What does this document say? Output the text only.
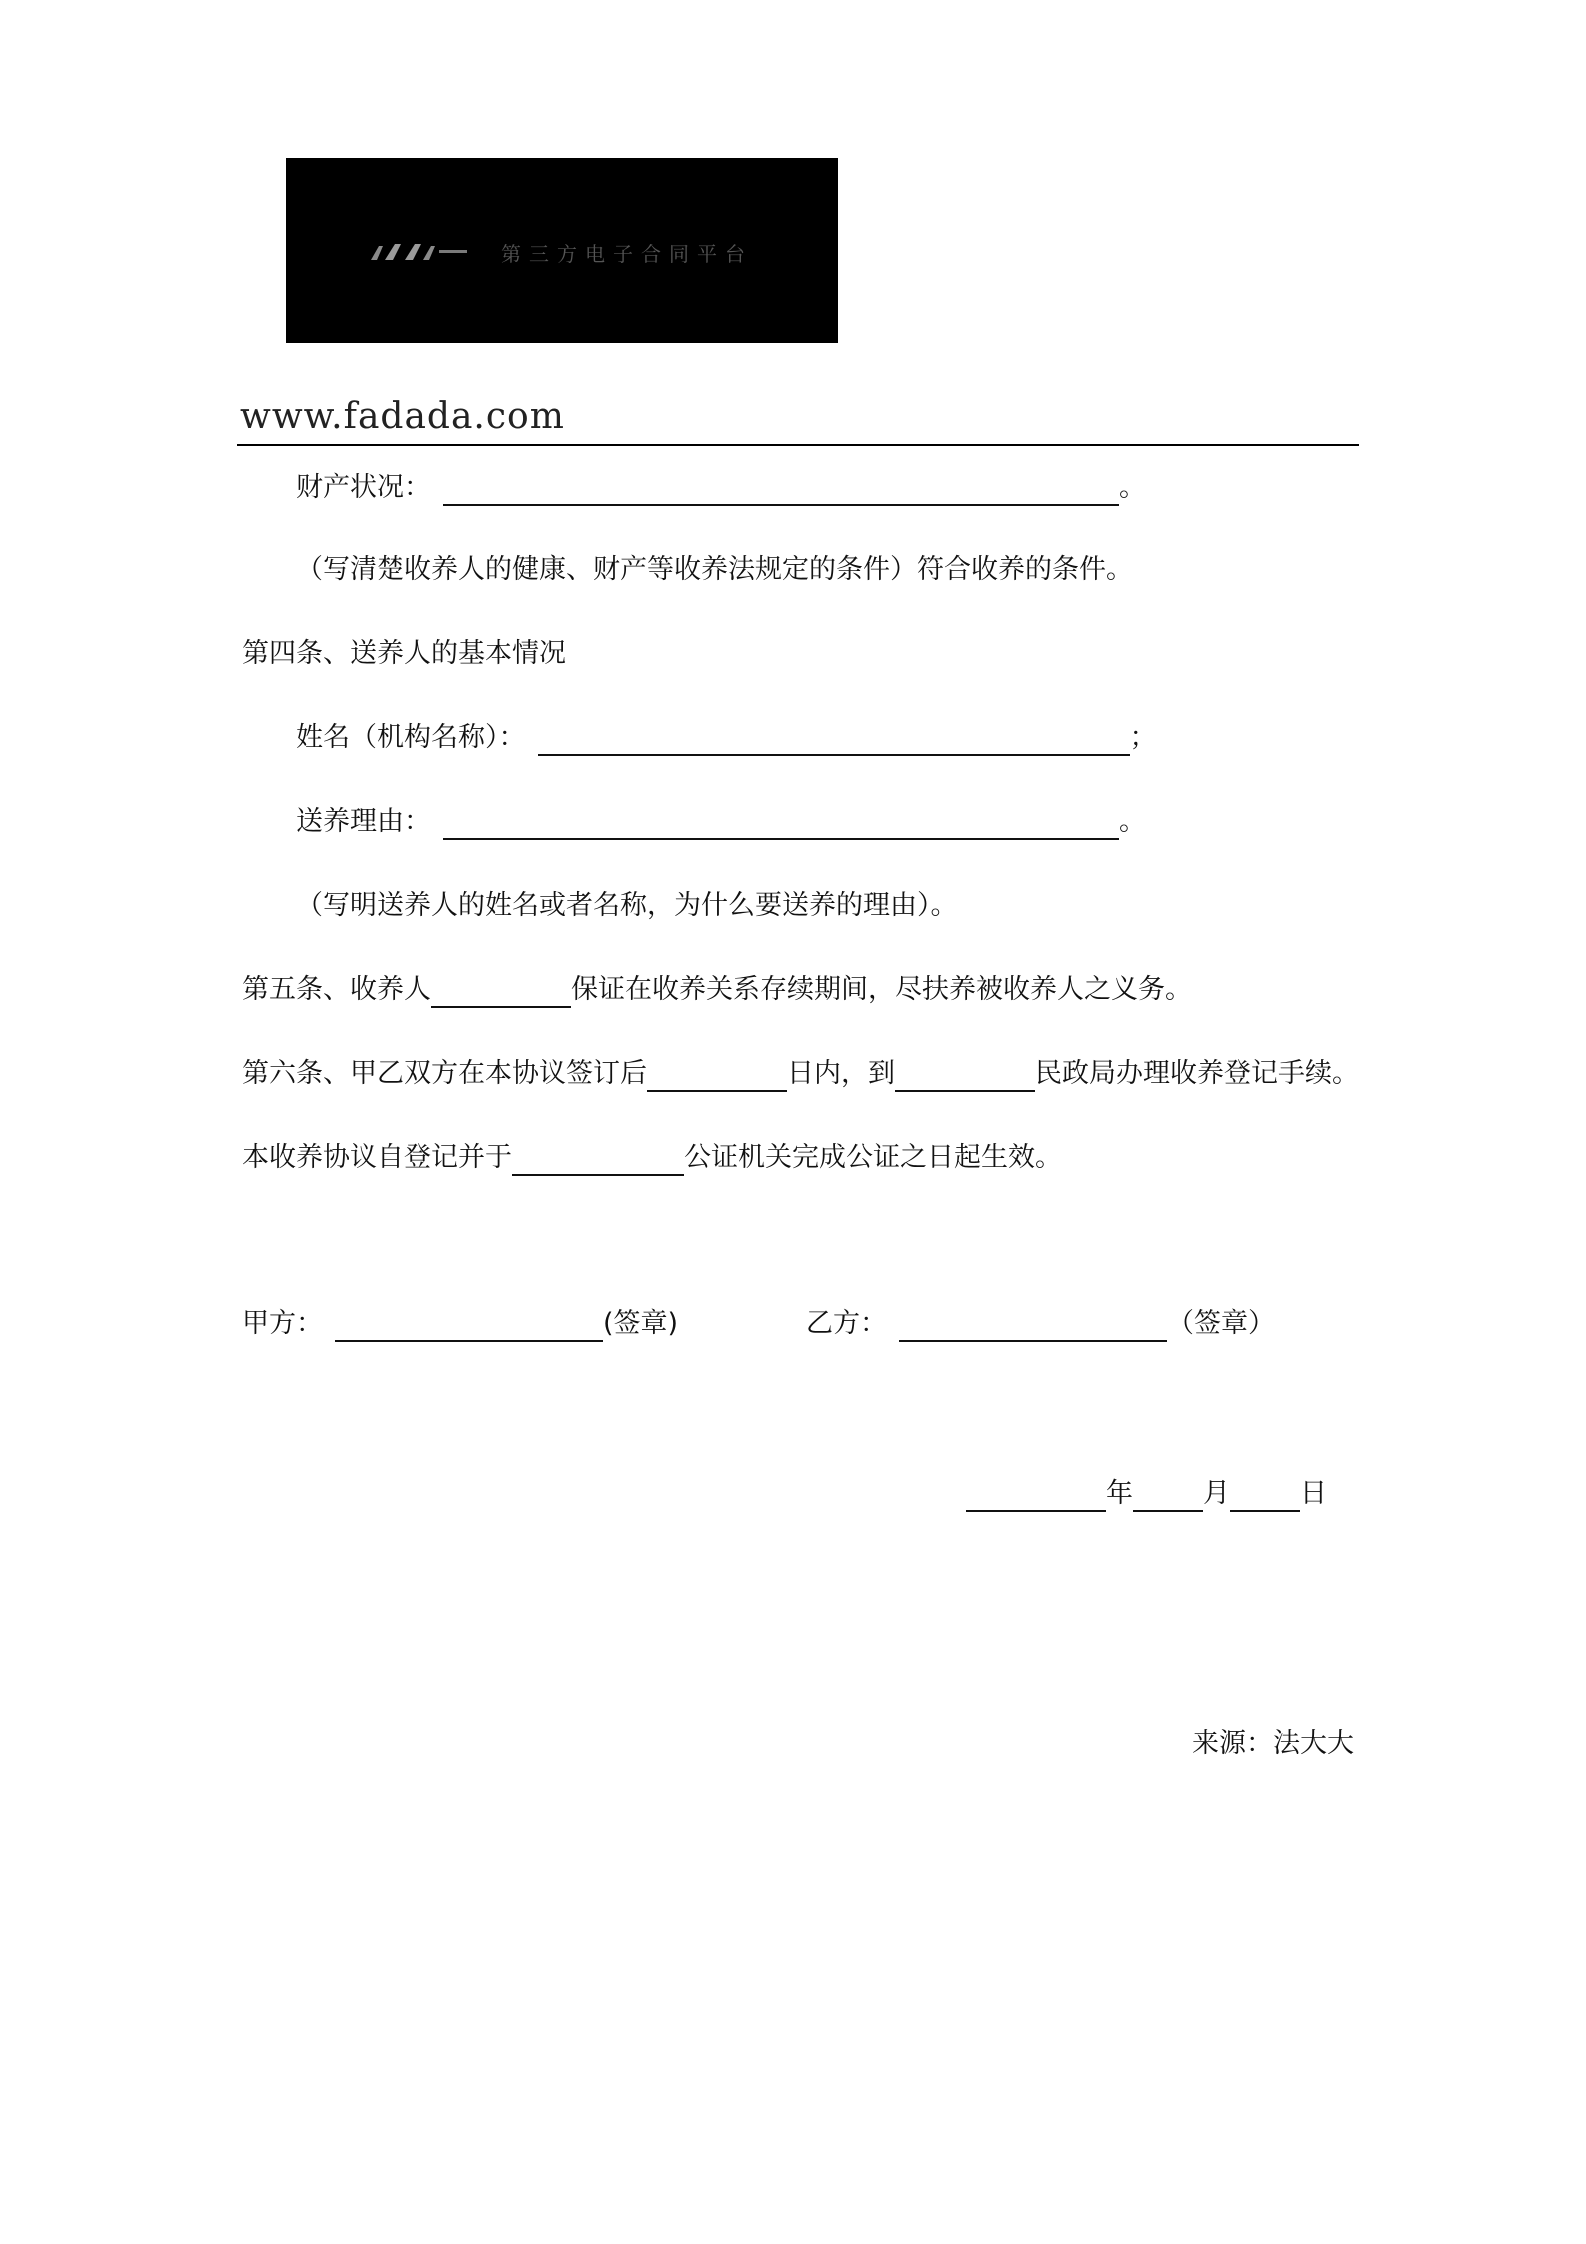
第三方电子合同平台
www.fadada.com
财产状况：	。
（写清楚收养人的健康、财产等收养法规定的条件）符合收养的条件。
第四条、送养人的基本情况
姓名（机构名称）：	；
送养理由：	。
（写明送养人的姓名或者名称，为什么要送养的理由）。
第五条、收养人	保证在收养关系存续期间，尽扶养被收养人之义务。
第六条、甲乙双方在本协议签订后	日内，到	民政局办理收养登记手续。
本收养协议自登记并于	公证机关完成公证之日起生效。
甲方：	(签章)	乙方：	（签章）
年	月	日
来源：法大大
